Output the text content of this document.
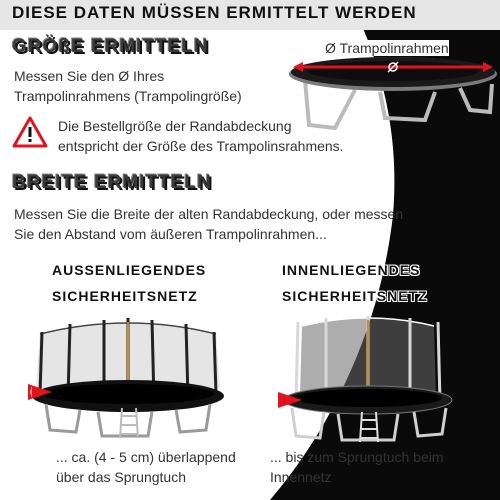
DIESE DATEN MÜSSEN ERMITTELT WERDEN
GRÖßE ERMITTELN
Messen Sie den Ø Ihres
Trampolinrahmens (Trampolingröße)
Ø Trampolinrahmen
Die Bestellgröße der Randabdeckung
entspricht der Größe des Trampolinsrahmens.
BREITE ERMITTELN
Messen Sie die Breite der alten Randabdeckung, oder messen
Sie den Abstand vom äußeren Trampolinrahmen...
AUSSENLIEGENDES
SICHERHEITSNETZ
... ca. (4 - 5 cm) überlappend
über das Sprungtuch
INNENLIEGENDES
SICHERHEITSNETZ
... bis zum Sprungtuch beim
Innennetz
